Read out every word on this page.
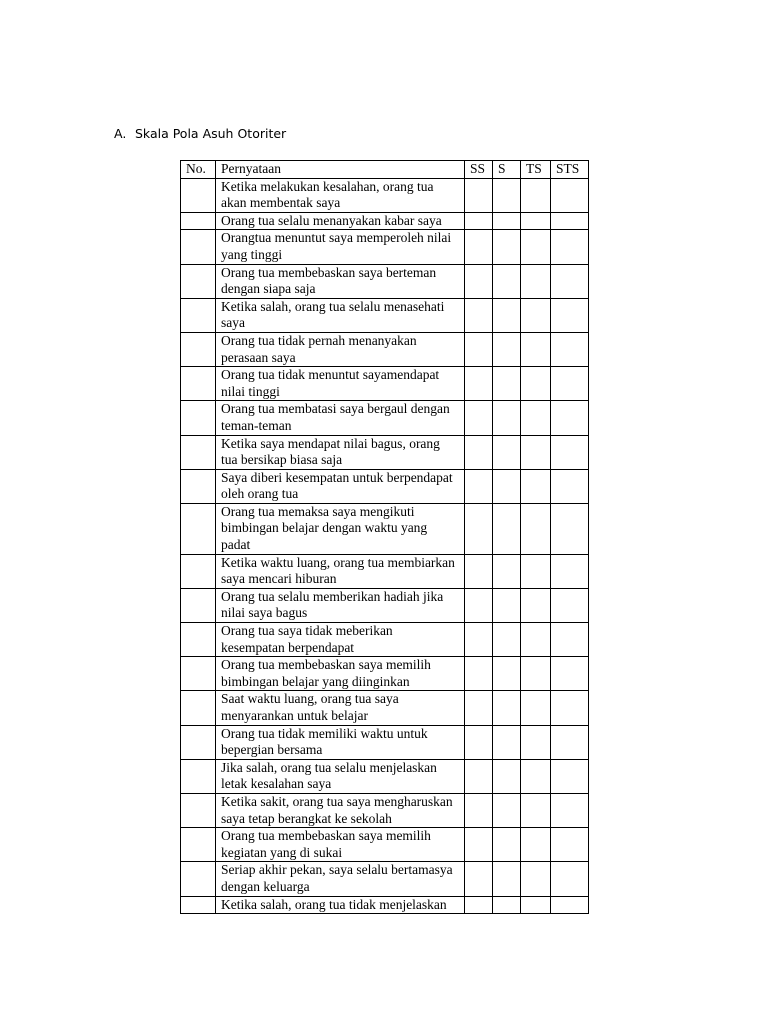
A. Skala Pola Asuh Otoriter
No.	Pernyataan	SS	S	TS	STS
	Ketika melakukan kesalahan, orang tua akan membentak saya				
	Orang tua selalu menanyakan kabar saya				
	Orangtua menuntut saya memperoleh nilai yang tinggi				
	Orang tua membebaskan saya berteman dengan siapa saja				
	Ketika salah, orang tua selalu menasehati saya				
	Orang tua tidak pernah menanyakan perasaan saya				
	Orang tua tidak menuntut sayamendapat nilai tinggi				
	Orang tua membatasi saya bergaul dengan teman-teman				
	Ketika saya mendapat nilai bagus, orang tua bersikap biasa saja				
	Saya diberi kesempatan untuk berpendapat oleh orang tua				
	Orang tua memaksa saya mengikuti bimbingan belajar dengan waktu yang padat				
	Ketika waktu luang, orang tua membiarkan saya mencari hiburan				
	Orang tua selalu memberikan hadiah jika nilai saya bagus				
	Orang tua saya tidak meberikan kesempatan berpendapat				
	Orang tua membebaskan saya memilih bimbingan belajar yang diinginkan				
	Saat waktu luang, orang tua saya menyarankan untuk belajar				
	Orang tua tidak memiliki waktu untuk bepergian bersama				
	Jika salah, orang tua selalu menjelaskan letak kesalahan saya				
	Ketika sakit, orang tua saya mengharuskan saya tetap berangkat ke sekolah				
	Orang tua membebaskan saya memilih kegiatan yang di sukai				
	Seriap akhir pekan, saya selalu bertamasya dengan keluarga				
	Ketika salah, orang tua tidak menjelaskan				
